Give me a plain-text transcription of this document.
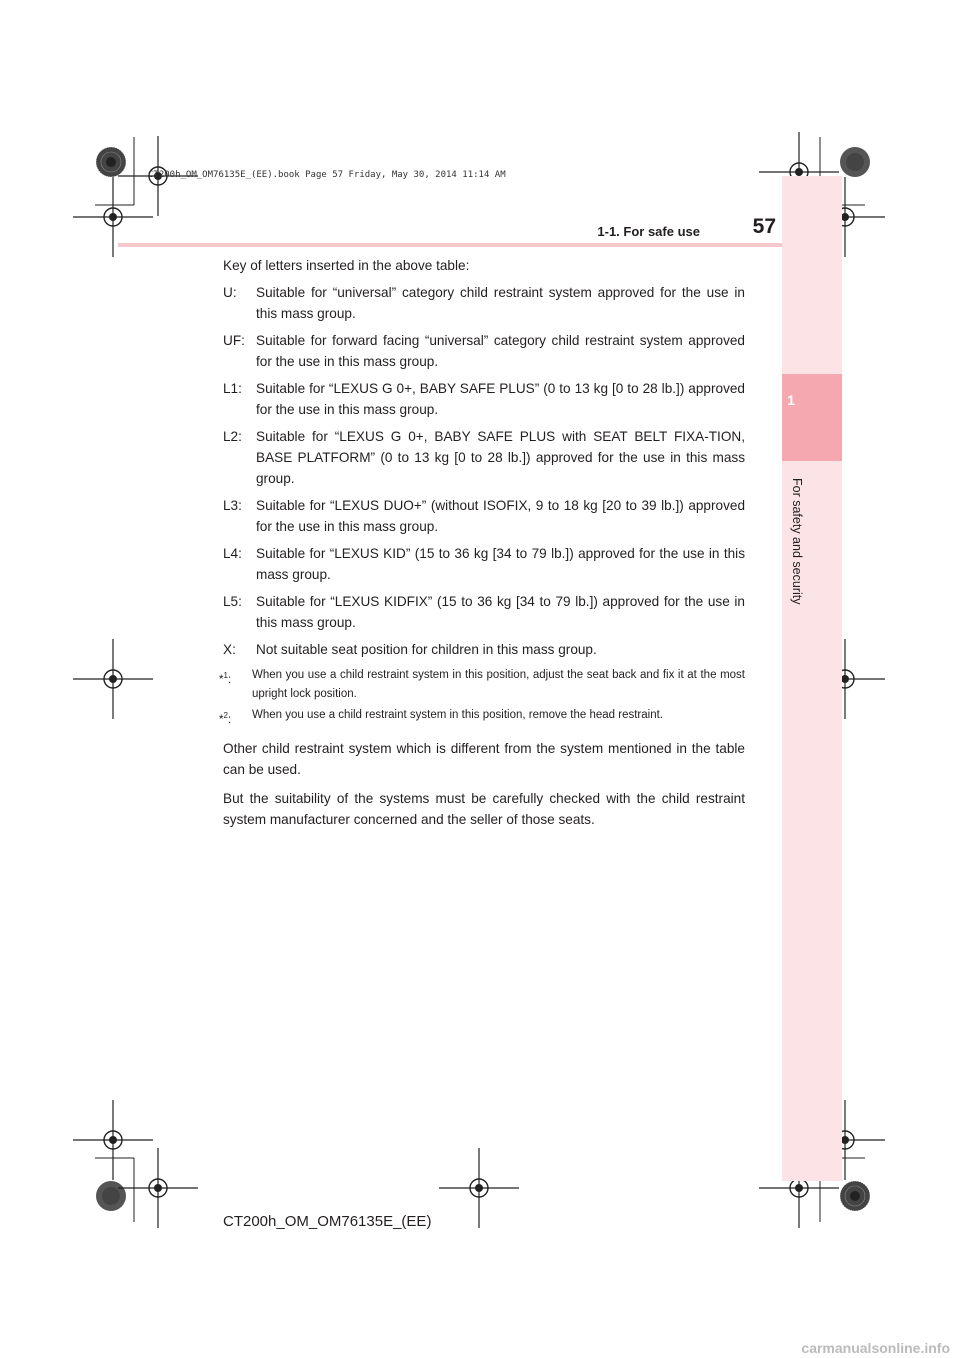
1
For safety and security
CT200h_OM_OM76135E_(EE).book Page 57 Friday, May 30, 2014 11:14 AM
1-1. For safe use	57

Key of letters inserted in the above table:

U:	Suitable for “universal” category child restraint system approved for the use in this mass group.
UF: Suitable for forward facing “universal” category child restraint system approved for the use in this mass group.
L1:	Suitable for “LEXUS G 0+, BABY SAFE PLUS” (0 to 13 kg [0 to 28 lb.]) approved for the use in this mass group.
L2:	Suitable for “LEXUS G 0+, BABY SAFE PLUS with SEAT BELT FIXA-TION, BASE PLATFORM” (0 to 13 kg [0 to 28 lb.]) approved for the use in this mass group.
L3:	Suitable for “LEXUS DUO+” (without ISOFIX, 9 to 18 kg [20 to 39 lb.]) approved for the use in this mass group.
L4:	Suitable for “LEXUS KID” (15 to 36 kg [34 to 79 lb.]) approved for the use in this mass group.
L5:	Suitable for “LEXUS KIDFIX” (15 to 36 kg [34 to 79 lb.]) approved for the use in this mass group.
X:	Not suitable seat position for children in this mass group.
*$^1$:	When you use a child restraint system in this position, adjust the seat back and fix it at the most upright lock position.
*$^2$:	When you use a child restraint system in this position, remove the head restraint.

Other child restraint system which is different from the system mentioned in the table can be used.

But the suitability of the systems must be carefully checked with the child restraint system manufacturer concerned and the seller of those seats.

CT200h_OM_OM76135E_(EE)
carmanualsonline.info
